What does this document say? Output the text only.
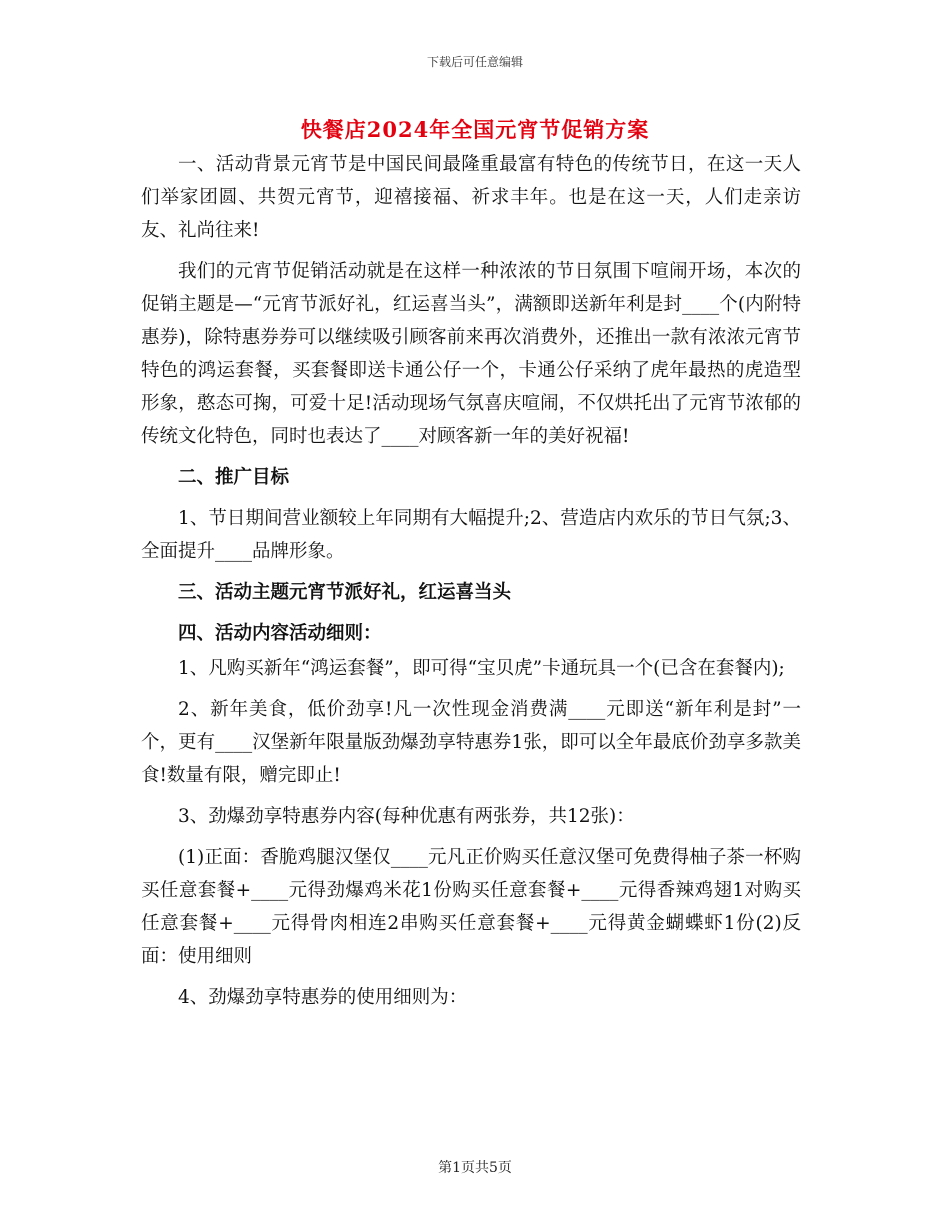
下载后可任意编辑
快餐店2024年全国元宵节促销方案

一、活动背景元宵节是中国民间最隆重最富有特色的传统节日，在这一天人们举家团圆、共贺元宵节，迎禧接福、祈求丰年。也是在这一天，人们走亲访友、礼尚往来!

我们的元宵节促销活动就是在这样一种浓浓的节日氛围下喧闹开场，本次的促销主题是—“元宵节派好礼，红运喜当头”，满额即送新年利是封____个(内附特惠券)，除特惠券券可以继续吸引顾客前来再次消费外，还推出一款有浓浓元宵节特色的鸿运套餐，买套餐即送卡通公仔一个，卡通公仔采纳了虎年最热的虎造型形象，憨态可掬，可爱十足!活动现场气氛喜庆喧闹，不仅烘托出了元宵节浓郁的传统文化特色，同时也表达了____对顾客新一年的美好祝福!

二、推广目标

1、节日期间营业额较上年同期有大幅提升;2、营造店内欢乐的节日气氛;3、全面提升____品牌形象。

三、活动主题元宵节派好礼，红运喜当头

四、活动内容活动细则：

1、凡购买新年“鸿运套餐”，即可得“宝贝虎”卡通玩具一个(已含在套餐内);

2、新年美食，低价劲享!凡一次性现金消费满____元即送“新年利是封”一个，更有____汉堡新年限量版劲爆劲享特惠券1张，即可以全年最底价劲享多款美食!数量有限，赠完即止!

3、劲爆劲享特惠券内容(每种优惠有两张券，共12张)：

(1)正面：香脆鸡腿汉堡仅____元凡正价购买任意汉堡可免费得柚子茶一杯购买任意套餐+____元得劲爆鸡米花1份购买任意套餐+____元得香辣鸡翅1对购买任意套餐+____元得骨肉相连2串购买任意套餐+____元得黄金蝴蝶虾1份(2)反面：使用细则

4、劲爆劲享特惠券的使用细则为：

第1页共5页
